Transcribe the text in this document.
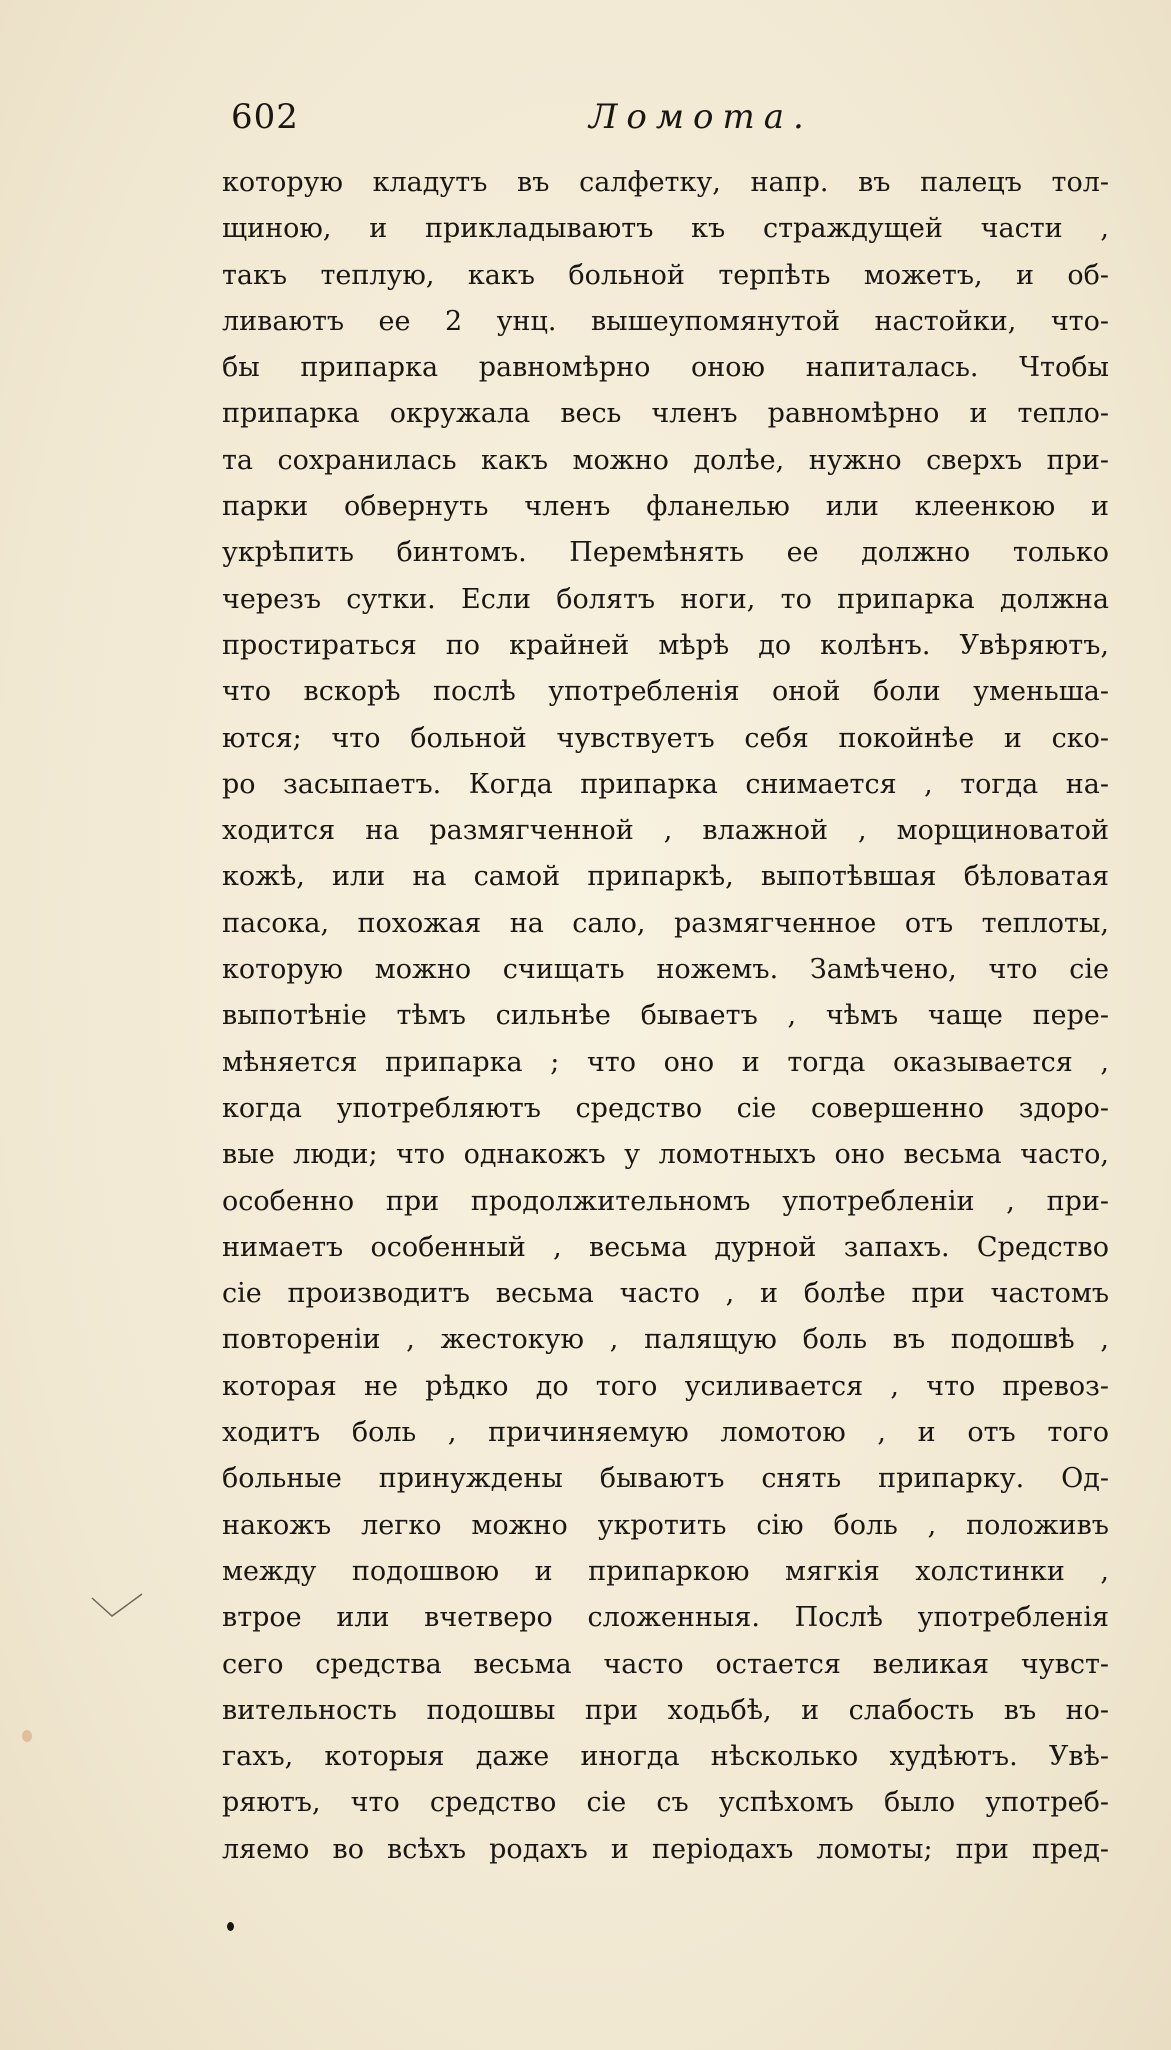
602	Ломота.
которую кладутъ въ салфетку, напр. въ палецъ тол-
щиною, и прикладываютъ къ страждущей части ,
такъ теплую, какъ больной терпѣть можетъ, и об-
ливаютъ ее 2 унц. вышеупомянутой настойки, что-
бы припарка равномѣрно оною напиталась. Чтобы
припарка окружала весь членъ равномѣрно и тепло-
та сохранилась какъ можно долѣе, нужно сверхъ при-
парки обвернуть членъ фланелью или клеенкою и
укрѣпить бинтомъ. Перемѣнять ее должно только
черезъ сутки. Если болятъ ноги, то припарка должна
простираться по крайней мѣрѣ до колѣнъ. Увѣряютъ,
что вскорѣ послѣ употребленія оной боли уменьша-
ются; что больной чувствуетъ себя покойнѣе и ско-
ро засыпаетъ. Когда припарка снимается , тогда на-
ходится на размягченной , влажной , морщиноватой
кожѣ, или на самой припаркѣ, выпотѣвшая бѣловатая
пасока, похожая на сало, размягченное отъ теплоты,
которую можно счищать ножемъ. Замѣчено, что сіе
выпотѣніе тѣмъ сильнѣе бываетъ , чѣмъ чаще пере-
мѣняется припарка ; что оно и тогда оказывается ,
когда употребляютъ средство сіе совершенно здоро-
вые люди; что однакожъ у ломотныхъ оно весьма часто,
особенно при продолжительномъ употребленіи , при-
нимаетъ особенный , весьма дурной запахъ. Средство
сіе производитъ весьма часто , и болѣе при частомъ
повтореніи , жестокую , палящую боль въ подошвѣ ,
которая не рѣдко до того усиливается , что превоз-
ходитъ боль , причиняемую ломотою , и отъ того
больные принуждены бываютъ снять припарку. Од-
накожъ легко можно укротить сію боль , положивъ
между подошвою и припаркою мягкія холстинки ,
втрое или вчетверо сложенныя. Послѣ употребленія
сего средства весьма часто остается великая чувст-
вительность подошвы при ходьбѣ, и слабость въ но-
гахъ, которыя даже иногда нѣсколько худѣютъ. Увѣ-
ряютъ, что средство сіе съ успѣхомъ было употреб-
ляемо во всѣхъ родахъ и періодахъ ломоты; при пред-
